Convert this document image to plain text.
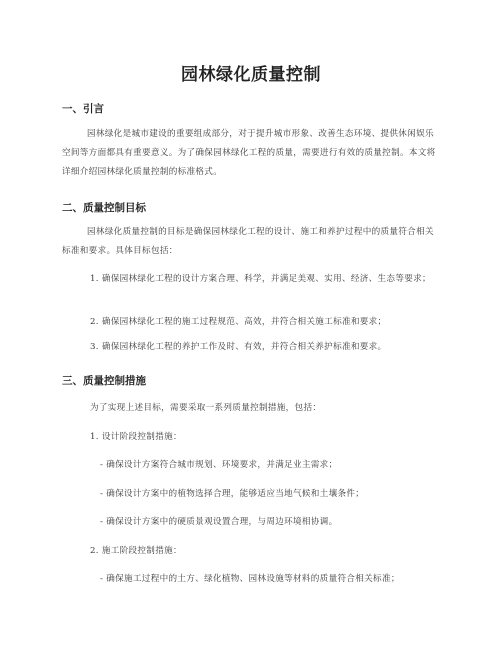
园林绿化质量控制
一、引言
园林绿化是城市建设的重要组成部分，对于提升城市形象、改善生态环境、提供休闲娱乐空间等方面都具有重要意义。为了确保园林绿化工程的质量，需要进行有效的质量控制。本文将详细介绍园林绿化质量控制的标准格式。
二、质量控制目标
园林绿化质量控制的目标是确保园林绿化工程的设计、施工和养护过程中的质量符合相关标准和要求。具体目标包括：
1. 确保园林绿化工程的设计方案合理、科学，并满足美观、实用、经济、生态等要求；
2. 确保园林绿化工程的施工过程规范、高效，并符合相关施工标准和要求；
3. 确保园林绿化工程的养护工作及时、有效，并符合相关养护标准和要求。
三、质量控制措施
为了实现上述目标，需要采取一系列质量控制措施，包括：
1. 设计阶段控制措施：
- 确保设计方案符合城市规划、环境要求，并满足业主需求；
- 确保设计方案中的植物选择合理，能够适应当地气候和土壤条件；
- 确保设计方案中的硬质景观设置合理，与周边环境相协调。
2. 施工阶段控制措施：
- 确保施工过程中的土方、绿化植物、园林设施等材料的质量符合相关标准；
